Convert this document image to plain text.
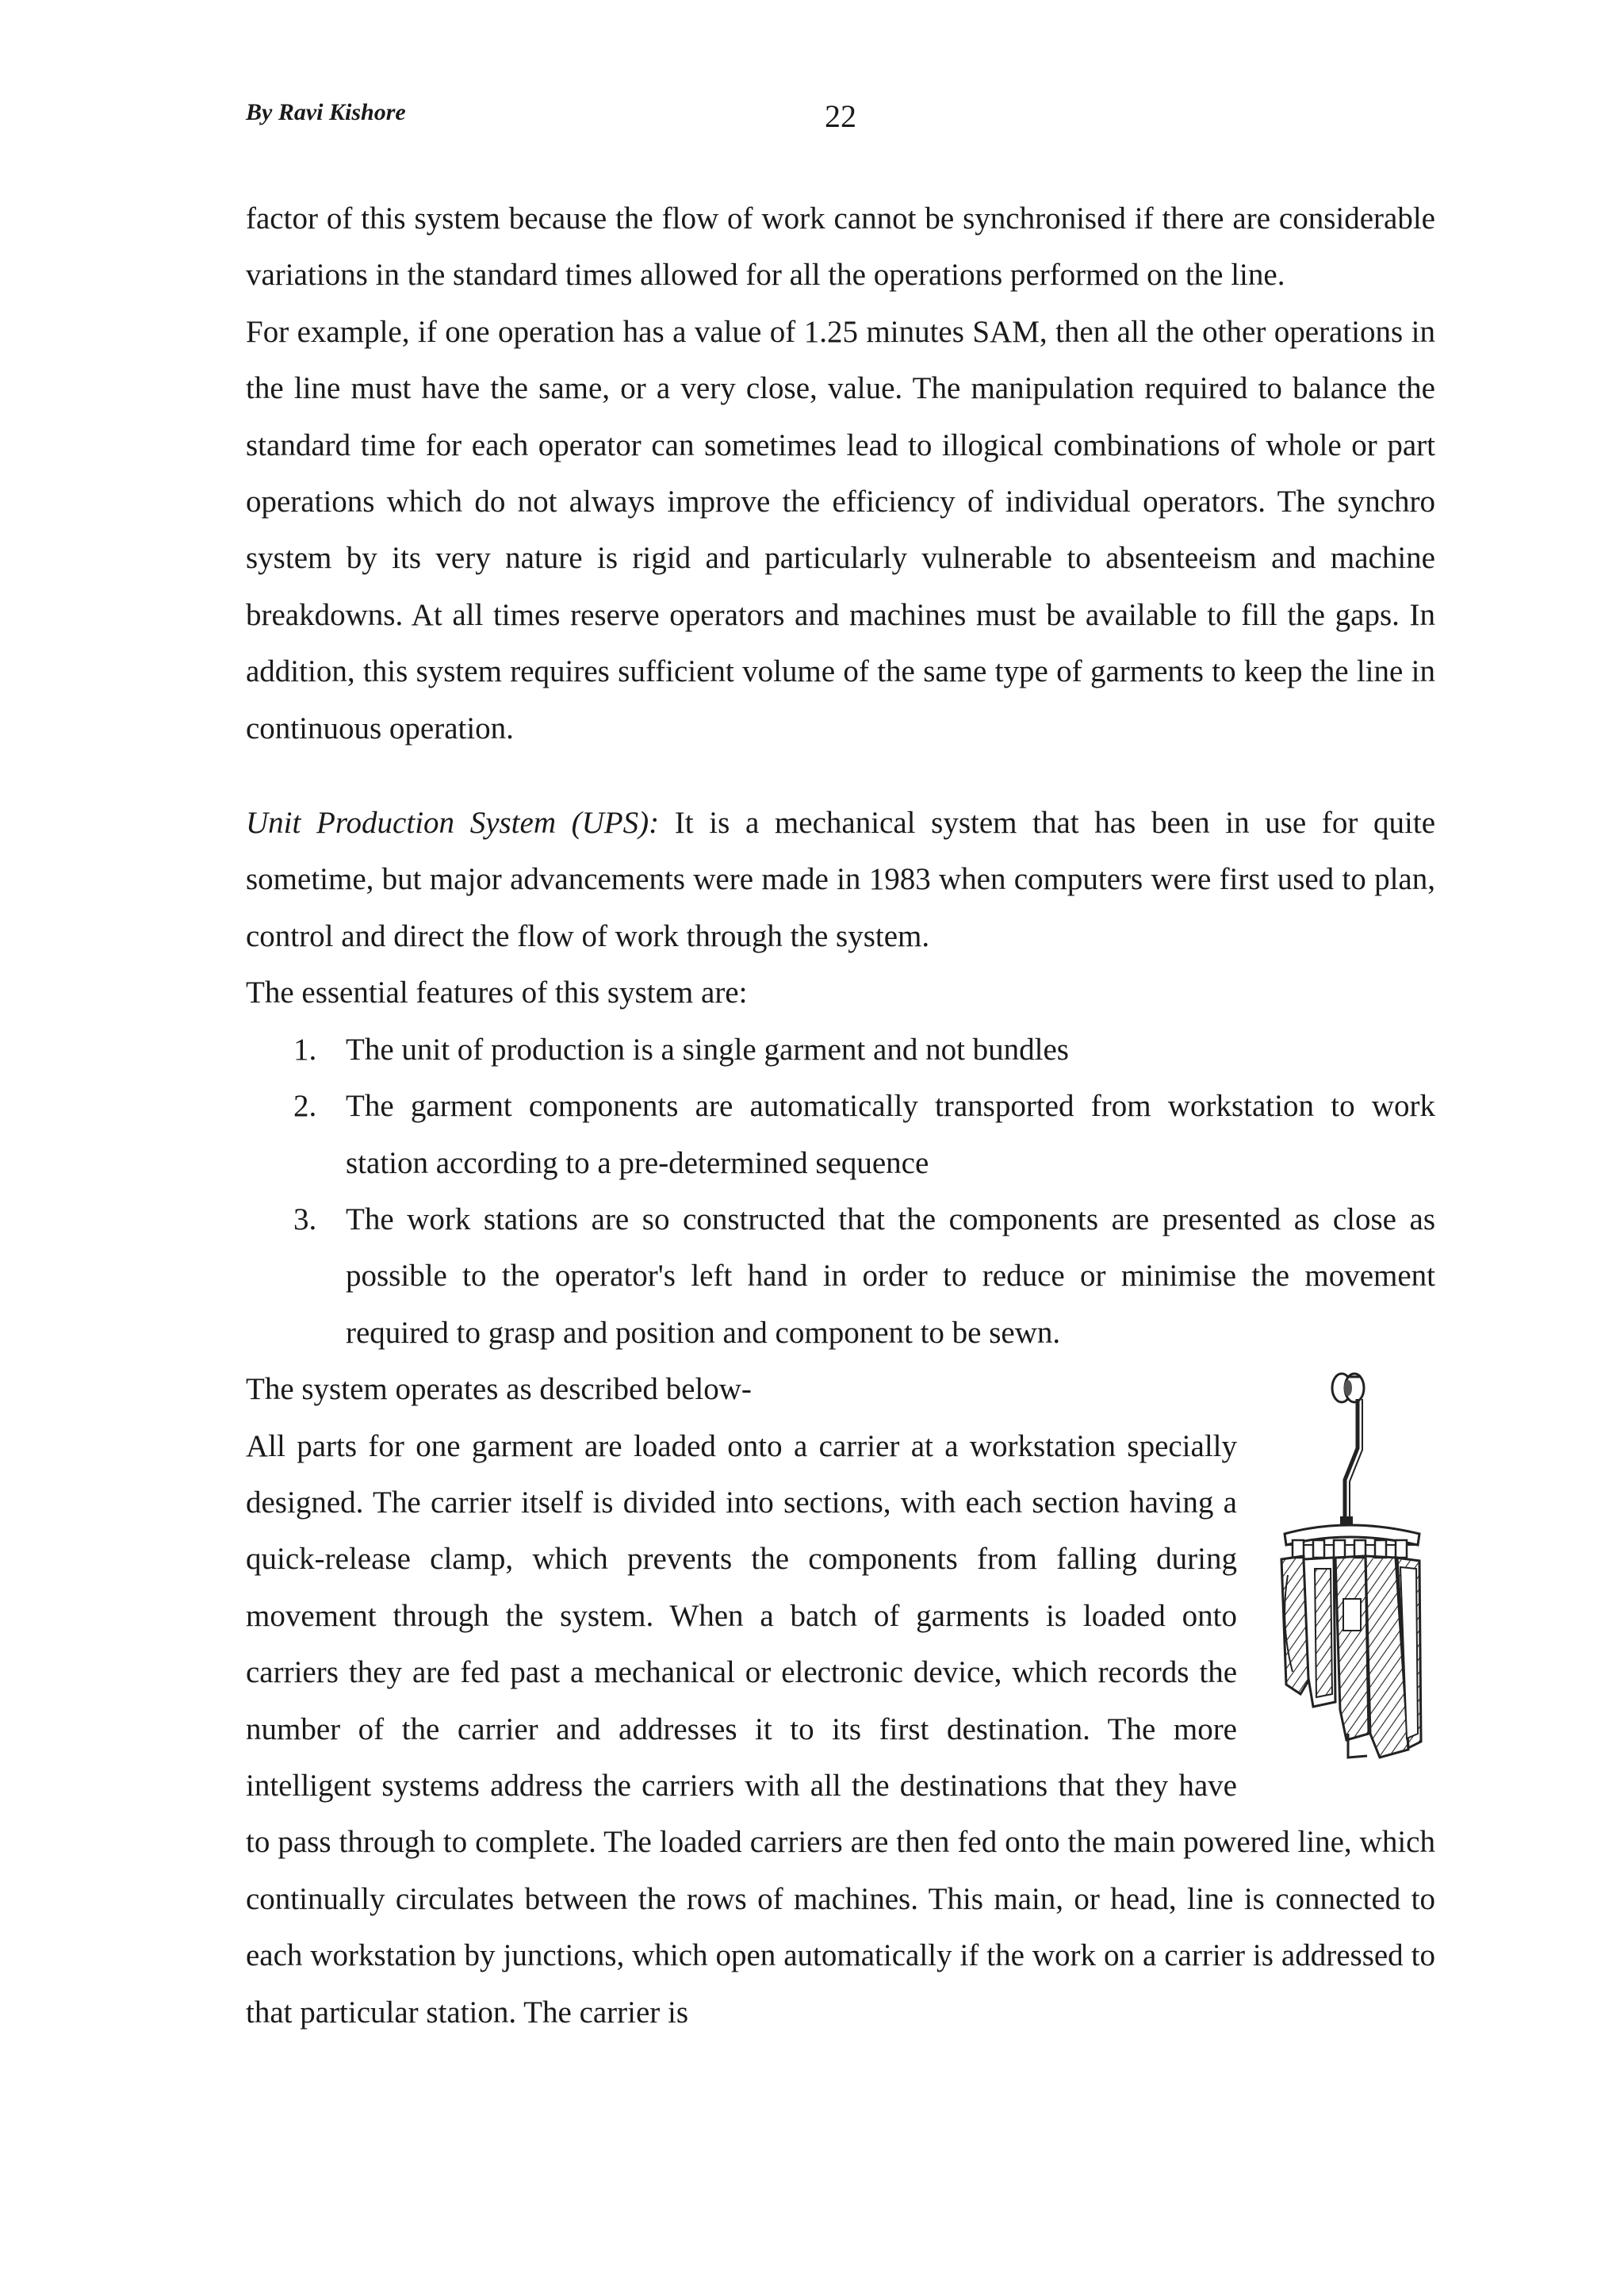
By Ravi Kishore	22

factor of this system because the flow of work cannot be synchronised if there are considerable variations in the standard times allowed for all the operations performed on the line.

For example, if one operation has a value of 1.25 minutes SAM, then all the other operations in the line must have the same, or a very close, value. The manipulation required to balance the standard time for each operator can sometimes lead to illogical combinations of whole or part operations which do not always improve the efficiency of individual operators. The synchro system by its very nature is rigid and particularly vulnerable to absenteeism and machine breakdowns. At all times reserve operators and machines must be available to fill the gaps. In addition, this system requires sufficient volume of the same type of garments to keep the line in continuous operation.

Unit Production System (UPS): It is a mechanical system that has been in use for quite sometime, but major advancements were made in 1983 when computers were first used to plan, control and direct the flow of work through the system.

The essential features of this system are:

1. The unit of production is a single garment and not bundles
2. The garment components are automatically transported from workstation to work station according to a pre-determined sequence
3. The work stations are so constructed that the components are presented as close as possible to the operator's left hand in order to reduce or minimise the movement required to grasp and position and component to be sewn.

The system operates as described below-

All parts for one garment are loaded onto a carrier at a workstation specially designed. The carrier itself is divided into sections, with each section having a quick-release clamp, which prevents the components from falling during movement through the system. When a batch of garments is loaded onto carriers they are fed past a mechanical or electronic device, which records the number of the carrier and addresses it to its first destination. The more intelligent systems address the carriers with all the destinations that they have to pass through to complete. The loaded carriers are then fed onto the main powered line, which continually circulates between the rows of machines. This main, or head, line is connected to each workstation by junctions, which open automatically if the work on a carrier is addressed to that particular station. The carrier is
